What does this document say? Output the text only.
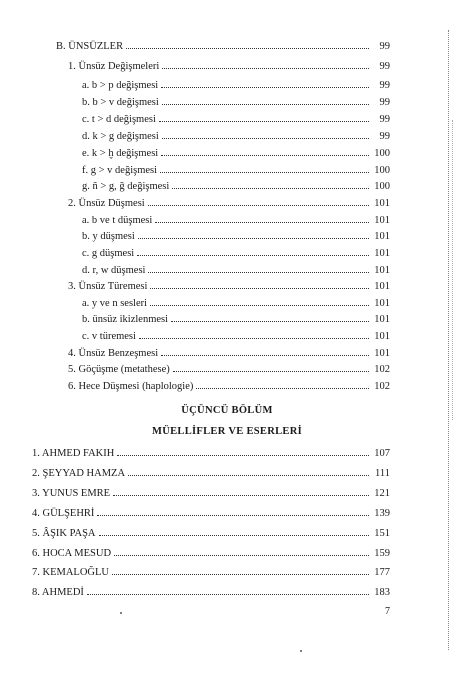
B. ÜNSÜZLER	99
1. Ünsüz Değişmeleri	99
a. b > p değişmesi	99
b. b > v değişmesi	99
c. t > d değişmesi	99
d. k > g değişmesi	99
e. k > ḫ değişmesi	100
f. g > v değişmesi	100
g. ñ > g, ğ değişmesi	100
2. Ünsüz Düşmesi	101
a. b ve t düşmesi	101
b. y düşmesi	101
c. g düşmesi	101
d. r, w düşmesi	101
3. Ünsüz Türemesi	101
a. y ve n sesleri	101
b. ünsüz ikizlenmesi	101
c. v türemesi	101
4. Ünsüz Benzeşmesi	101
5. Göçüşme (metathese)	102
6. Hece Düşmesi (haplologie)	102
ÜÇÜNCÜ BÖLÜM
MÜELLİFLER VE ESERLERİ
1. AHMED FAKIH	107
2. ŞEYYAD HAMZA	111
3. YUNUS EMRE	121
4. GÜLŞEHRİ	139
5. ÂŞIK PAŞA	151
6. HOCA MESUD	159
7. KEMALOĞLU	177
8. AHMEDİ	183
7
